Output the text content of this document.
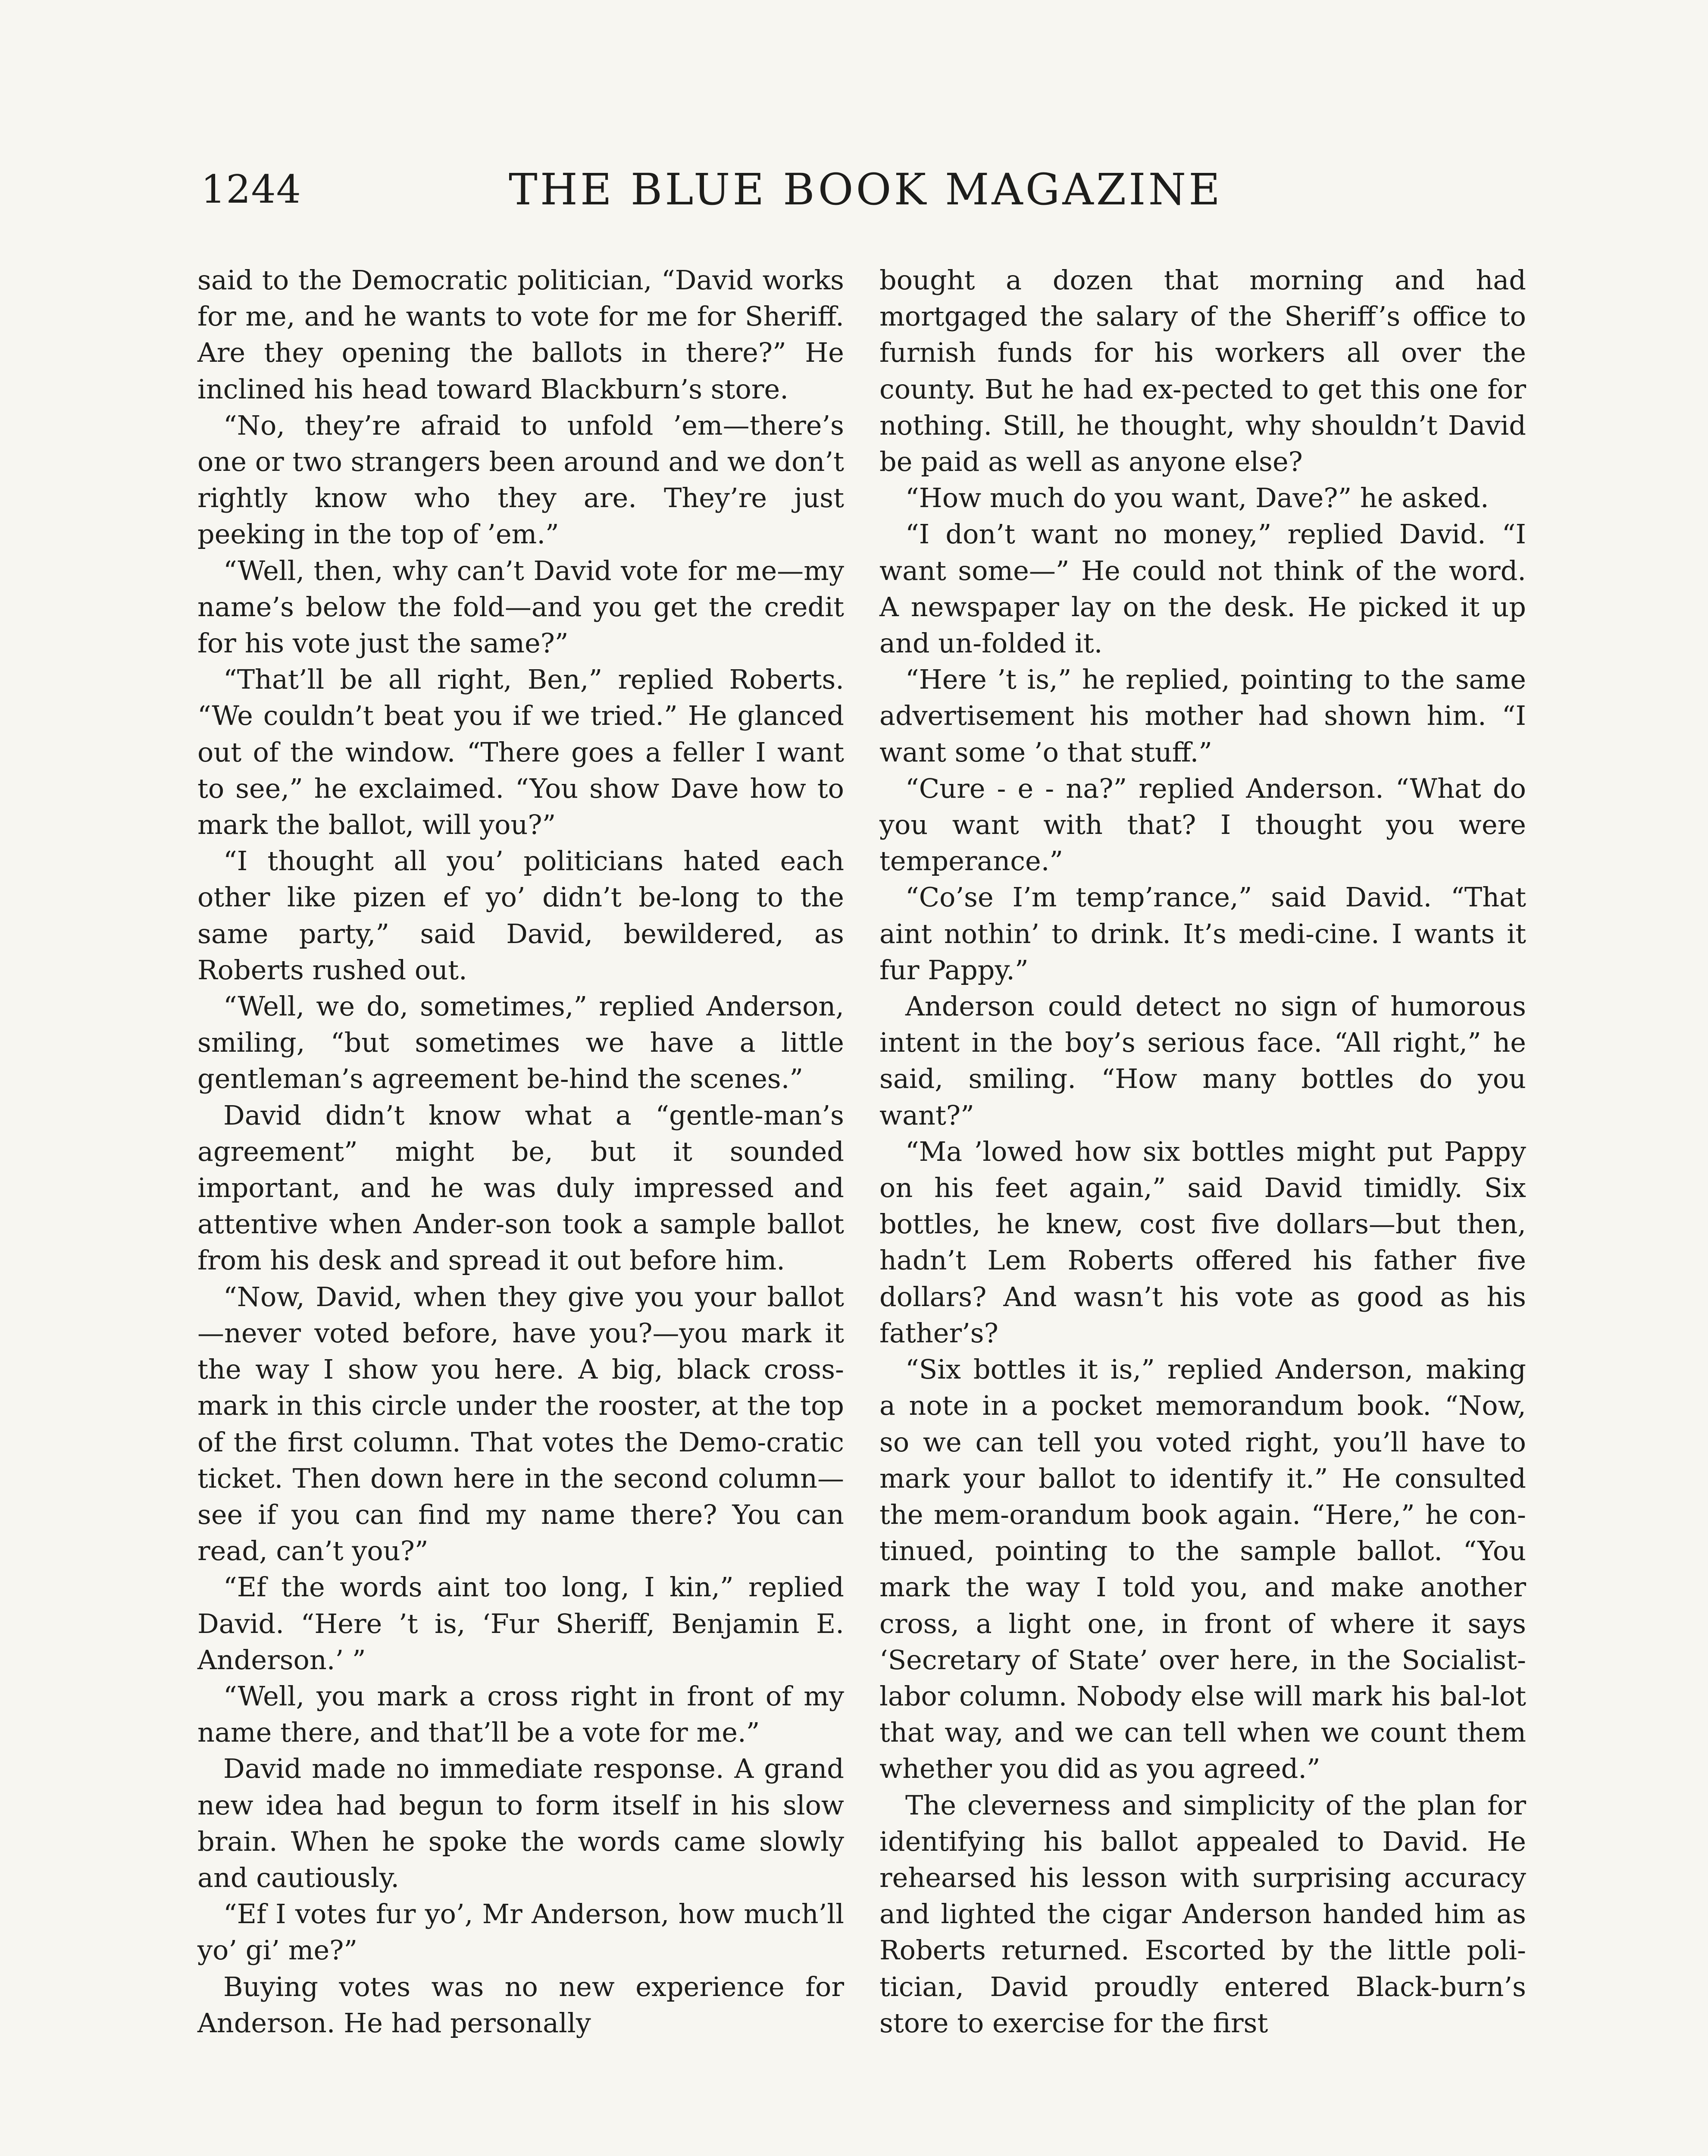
1244	THE BLUE BOOK MAGAZINE

said to the Democratic politician, “David works for me, and he wants to vote for me for Sheriff. Are they opening the ballots in there?” He inclined his head toward Blackburn’s store.

“No, they’re afraid to unfold ’em—there’s one or two strangers been around and we don’t rightly know who they are. They’re just peeking in the top of ’em.”

“Well, then, why can’t David vote for me—my name’s below the fold—and you get the credit for his vote just the same?”

“That’ll be all right, Ben,” replied Roberts. “We couldn’t beat you if we tried.” He glanced out of the window. “There goes a feller I want to see,” he exclaimed. “You show Dave how to mark the ballot, will you?”

“I thought all you’ politicians hated each other like pizen ef yo’ didn’t be-long to the same party,” said David, bewildered, as Roberts rushed out.

“Well, we do, sometimes,” replied Anderson, smiling, “but sometimes we have a little gentleman’s agreement be-hind the scenes.”

David didn’t know what a “gentle-man’s agreement” might be, but it sounded important, and he was duly impressed and attentive when Ander-son took a sample ballot from his desk and spread it out before him.

“Now, David, when they give you your ballot—never voted before, have you?—you mark it the way I show you here. A big, black cross-mark in this circle under the rooster, at the top of the first column. That votes the Demo-cratic ticket. Then down here in the second column—see if you can find my name there? You can read, can’t you?”

“Ef the words aint too long, I kin,” replied David. “Here ’t is, ‘Fur Sheriff, Benjamin E. Anderson.’ ”

“Well, you mark a cross right in front of my name there, and that’ll be a vote for me.”

David made no immediate response. A grand new idea had begun to form itself in his slow brain. When he spoke the words came slowly and cautiously.

“Ef I votes fur yo’, Mr Anderson, how much’ll yo’ gi’ me?”

Buying votes was no new experience for Anderson. He had personally

bought a dozen that morning and had mortgaged the salary of the Sheriff’s office to furnish funds for his workers all over the county. But he had ex-pected to get this one for nothing. Still, he thought, why shouldn’t David be paid as well as anyone else?

“How much do you want, Dave?” he asked.

“I don’t want no money,” replied David. “I want some—” He could not think of the word. A newspaper lay on the desk. He picked it up and un-folded it.

“Here ’t is,” he replied, pointing to the same advertisement his mother had shown him. “I want some ’o that stuff.”

“Cure - e - na?” replied Anderson. “What do you want with that? I thought you were temperance.”

“Co’se I’m temp’rance,” said David. “That aint nothin’ to drink. It’s medi-cine. I wants it fur Pappy.”

Anderson could detect no sign of humorous intent in the boy’s serious face. “All right,” he said, smiling. “How many bottles do you want?”

“Ma ’lowed how six bottles might put Pappy on his feet again,” said David timidly. Six bottles, he knew, cost five dollars—but then, hadn’t Lem Roberts offered his father five dollars? And wasn’t his vote as good as his father’s?

“Six bottles it is,” replied Anderson, making a note in a pocket memorandum book. “Now, so we can tell you voted right, you’ll have to mark your ballot to identify it.” He consulted the mem-orandum book again. “Here,” he con-tinued, pointing to the sample ballot. “You mark the way I told you, and make another cross, a light one, in front of where it says ‘Secretary of State’ over here, in the Socialist-labor column. Nobody else will mark his bal-lot that way, and we can tell when we count them whether you did as you agreed.”

The cleverness and simplicity of the plan for identifying his ballot appealed to David. He rehearsed his lesson with surprising accuracy and lighted the cigar Anderson handed him as Roberts returned. Escorted by the little poli-tician, David proudly entered Black-burn’s store to exercise for the first
